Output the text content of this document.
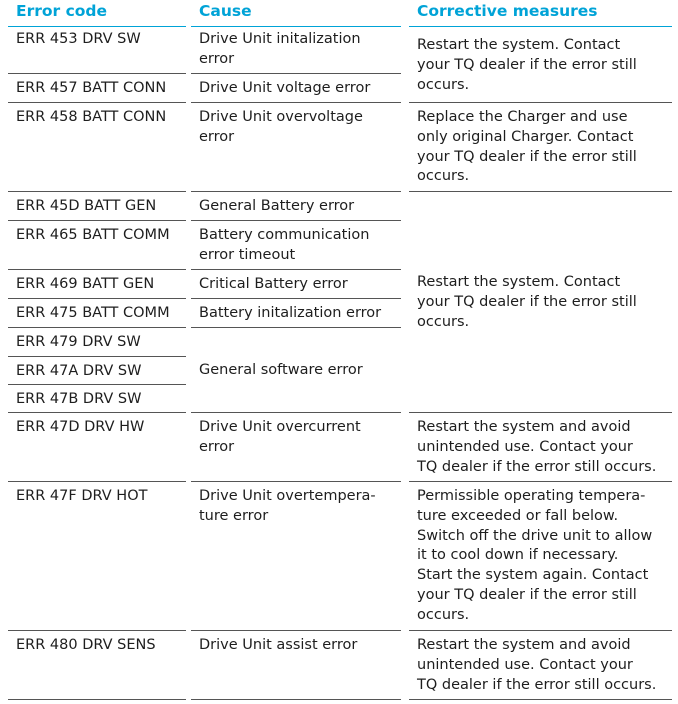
Error code	Cause	Corrective measures
ERR 453 DRV SW
ERR 457 BATT CONN
ERR 458 BATT CONN
ERR 45D BATT GEN
ERR 465 BATT COMM
ERR 469 BATT GEN
ERR 475 BATT COMM
ERR 479 DRV SW
ERR 47A DRV SW
ERR 47B DRV SW
ERR 47D DRV HW
ERR 47F DRV HOT
ERR 480 DRV SENS
Drive Unit initalization
error
Drive Unit voltage error
Drive Unit overvoltage
error
General Battery error
Battery communication
error timeout
Critical Battery error
Battery initalization error
General software error
Drive Unit overcurrent
error
Drive Unit overtempera-
ture error
Drive Unit assist error
Restart the system. Contact
your TQ dealer if the error still
occurs.
Replace the Charger and use
only original Charger. Contact
your TQ dealer if the error still
occurs.
Restart the system. Contact
your TQ dealer if the error still
occurs.
Restart the system and avoid
unintended use. Contact your
TQ dealer if the error still occurs.
Permissible operating tempera-
ture exceeded or fall below.
Switch off the drive unit to allow
it to cool down if necessary.
Start the system again. Contact
your TQ dealer if the error still
occurs.
Restart the system and avoid
unintended use. Contact your
TQ dealer if the error still occurs.
